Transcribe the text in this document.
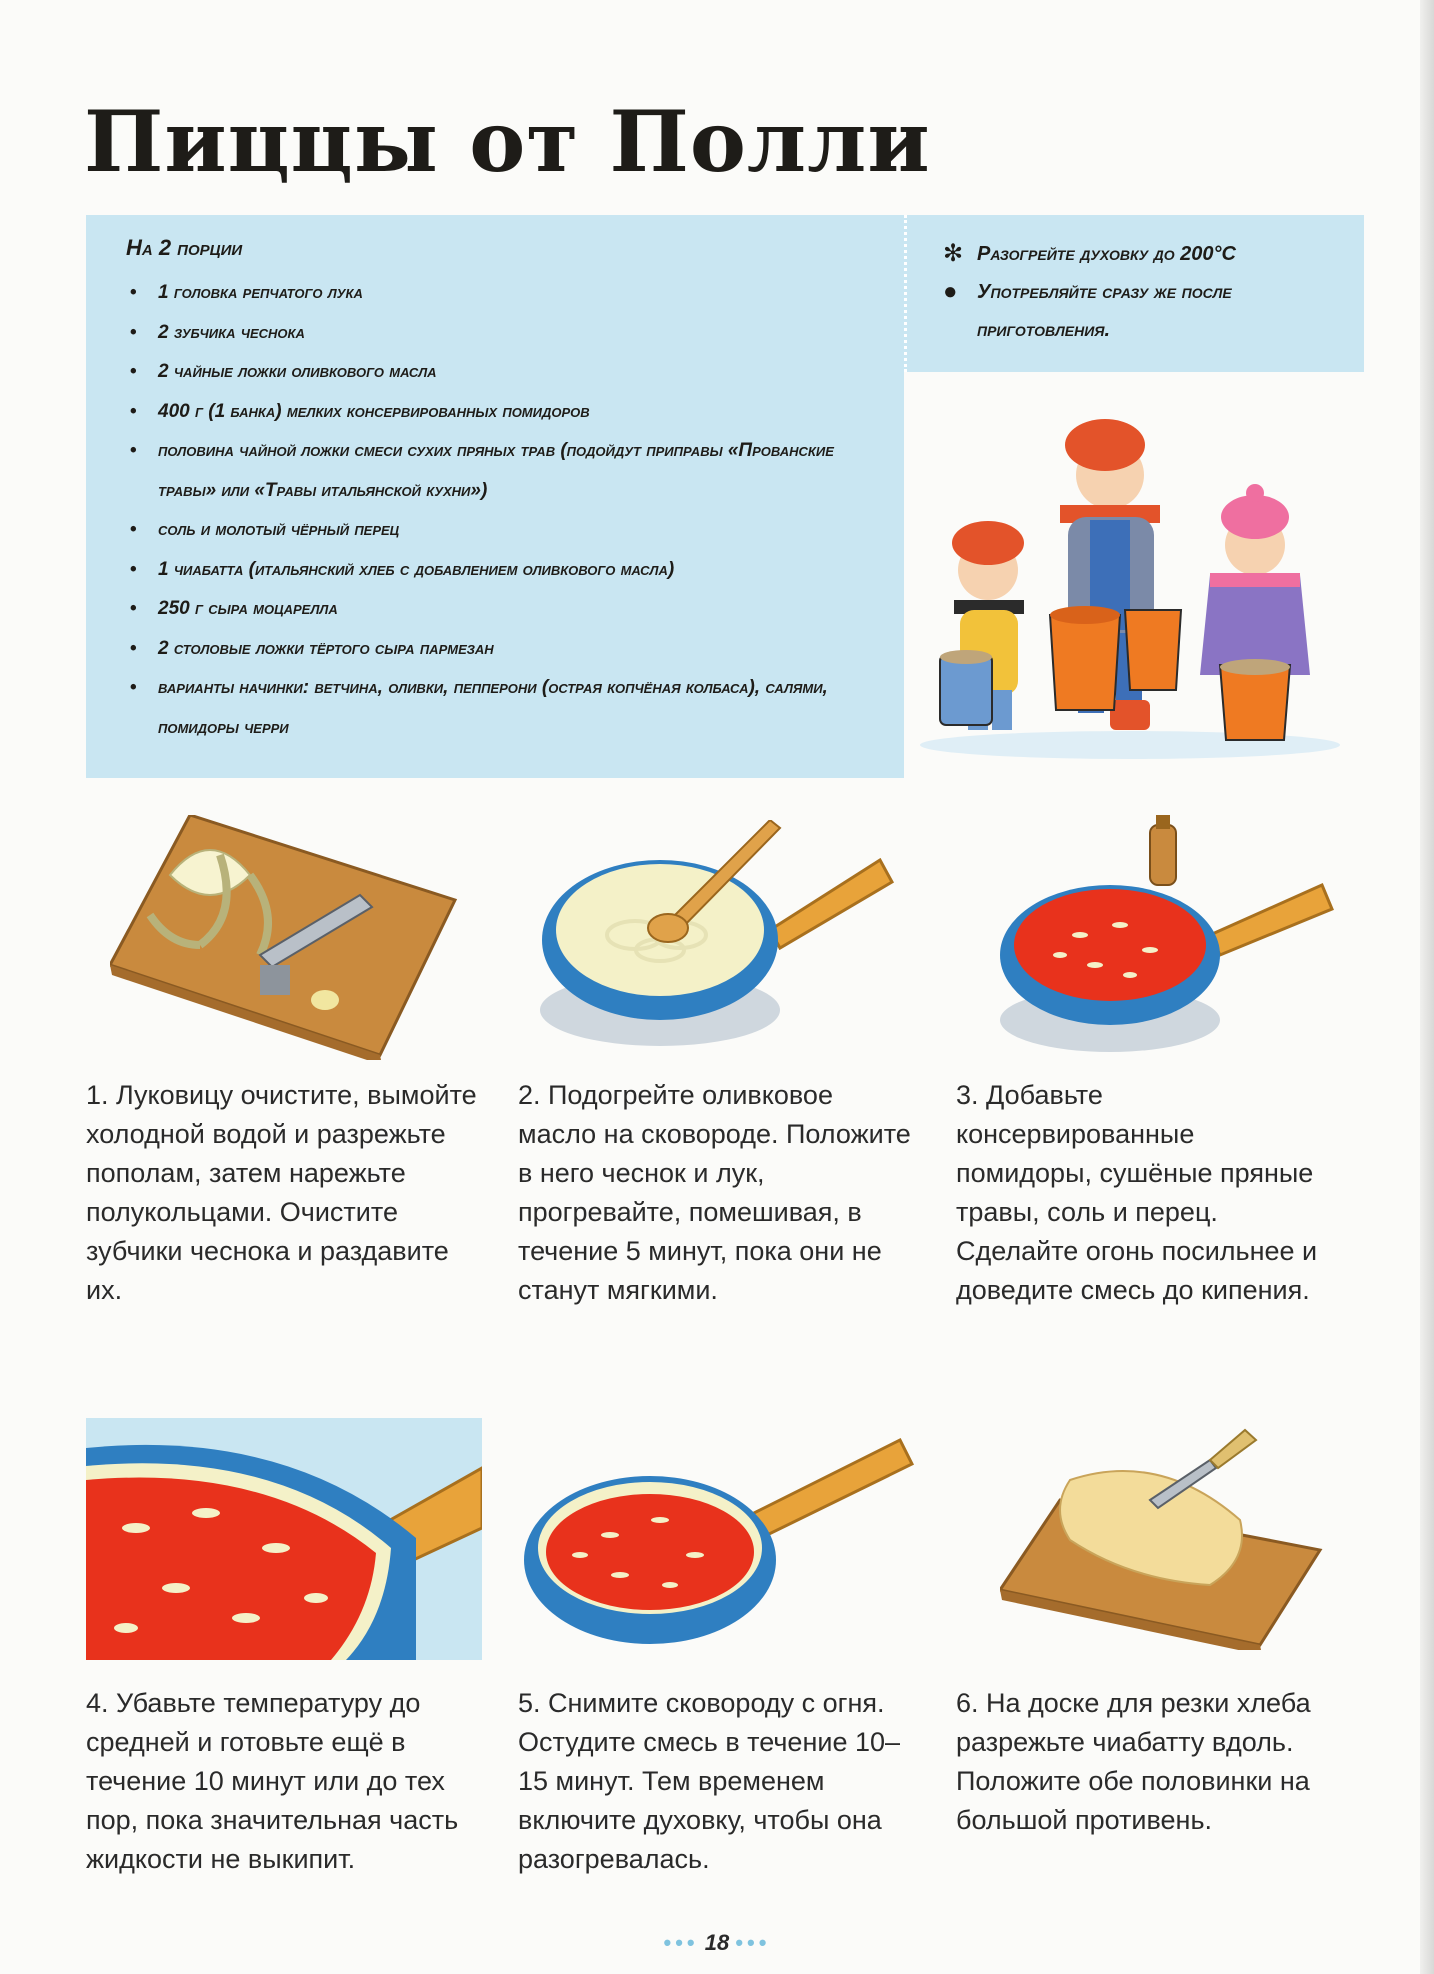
Пиццы от Полли
На 2 порции
• 1 головка репчатого лука
• 2 зубчика чеснока
• 2 чайные ложки оливкового масла
• 400 г (1 банка) мелких консервированных помидоров
• половина чайной ложки смеси сухих пряных трав (подойдут приправы «Прованские травы» или «Травы итальянской кухни»)
• соль и молотый чёрный перец
• 1 чиабатта (итальянский хлеб с добавлением оливкового масла)
• 250 г сыра моцарелла
• 2 столовые ложки тёртого сыра пармезан
• варианты начинки: ветчина, оливки, пепперони (острая копчёная колбаса), салями, помидоры черри
✻ Разогрейте духовку до 200°C
● Употребляйте сразу же после приготовления.

1. Луковицу очистите, вымойте холодной водой и разрежьте пополам, затем нарежьте полукольцами. Очистите зубчики чеснока и раздавите их.

2. Подогрейте оливковое масло на сковороде. Положите в него чеснок и лук, прогревайте, помешивая, в течение 5 минут, пока они не станут мягкими.

3. Добавьте консервированные помидоры, сушёные пряные травы, соль и перец. Сделайте огонь посильнее и доведите смесь до кипения.

4. Убавьте температуру до средней и готовьте ещё в течение 10 минут или до тех пор, пока значительная часть жидкости не выкипит.

5. Снимите сковороду с огня. Остудите смесь в течение 10–15 минут. Тем временем включите духовку, чтобы она разогревалась.

6. На доске для резки хлеба разрежьте чиабатту вдоль. Положите обе половинки на большой противень.

••• 18 •••
